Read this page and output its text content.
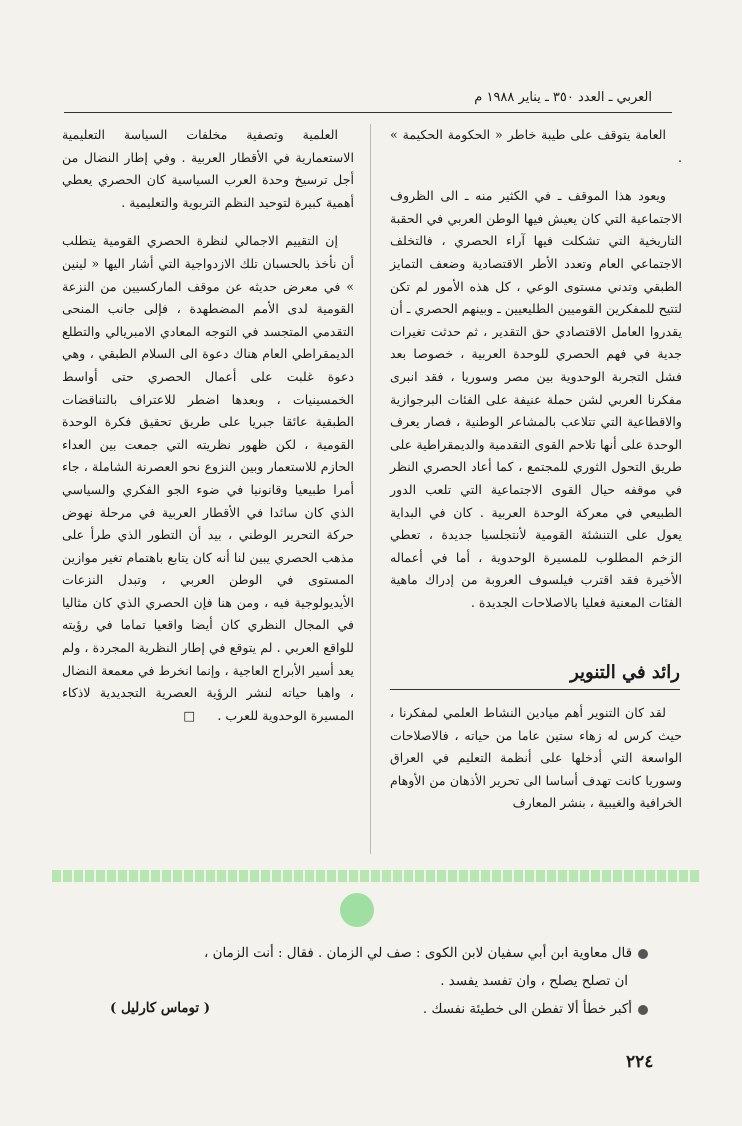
العربي ـ العدد ٣٥٠ ـ يناير ١٩٨٨ م

العامة يتوقف على طيبة خاطر « الحكومة الحكيمة » .

ويعود هذا الموقف ـ في الكثير منه ـ الى الظروف الاجتماعية التي كان يعيش فيها الوطن العربي في الحقبة التاريخية التي تشكلت فيها آراء الحصري ، فالتخلف الاجتماعي العام وتعدد الأطر الاقتصادية وضعف التمايز الطبقي وتدني مستوى الوعي ، كل هذه الأمور لم تكن لتتيح للمفكرين القوميين الطليعيين ـ وبينهم الحصري ـ أن يقدروا العامل الاقتصادي حق التقدير ، ثم حدثت تغيرات جدية في فهم الحصري للوحدة العربية ، خصوصا بعد فشل التجربة الوحدوية بين مصر وسوريا ، فقد انبرى مفكرنا العربي لشن حملة عنيفة على الفئات البرجوازية والاقطاعية التي تتلاعب بالمشاعر الوطنية ، فصار يعرف الوحدة على أنها تلاحم القوى التقدمية والديمقراطية على طريق التحول الثوري للمجتمع ، كما أعاد الحصري النظر في موقفه حيال القوى الاجتماعية التي تلعب الدور الطبيعي في معركة الوحدة العربية . كان في البداية يعول على التنشئة القومية لأنتجلسيا جديدة ، تعطي الزخم المطلوب للمسيرة الوحدوية ، أما في أعماله الأخيرة فقد اقترب فيلسوف العروبة من إدراك ماهية الفئات المعنية فعليا بالاصلاحات الجديدة .

رائد في التنوير

لقد كان التنوير أهم ميادين النشاط العلمي لمفكرنا ، حيث كرس له زهاء ستين عاما من حياته ، فالاصلاحات الواسعة التي أدخلها على أنظمة التعليم في العراق وسوريا كانت تهدف أساسا الى تحرير الأذهان من الأوهام الخرافية والغيبية ، بنشر المعارف

العلمية وتصفية مخلفات السياسة التعليمية الاستعمارية في الأقطار العربية . وفي إطار النضال من أجل ترسيخ وحدة العرب السياسية كان الحصري يعطي أهمية كبيرة لتوحيد النظم التربوية والتعليمية .

إن التقييم الاجمالي لنظرة الحصري القومية يتطلب أن نأخذ بالحسبان تلك الازدواجية التي أشار اليها « لينين » في معرض حديثه عن موقف الماركسيين من النزعة القومية لدى الأمم المضطهدة ، فإلى جانب المنحى التقدمي المتجسد في التوجه المعادي الامبريالي والتطلع الديمقراطي العام هناك دعوة الى السلام الطبقي ، وهي دعوة غلبت على أعمال الحصري حتى أواسط الخمسينيات ، وبعدها اضطر للاعتراف بالتناقضات الطبقية عائقا جبريا على طريق تحقيق فكرة الوحدة القومية ، لكن ظهور نظريته التي جمعت بين العداء الحازم للاستعمار وبين النزوع نحو العصرنة الشاملة ، جاء أمرا طبيعيا وقانونيا في ضوء الجو الفكري والسياسي الذي كان سائدا في الأقطار العربية في مرحلة نهوض حركة التحرير الوطني ، بيد أن التطور الذي طرأ على مذهب الحصري يبين لنا أنه كان يتابع باهتمام تغير موازين المستوى في الوطن العربي ، وتبدل النزعات الأيديولوجية فيه ، ومن هنا فإن الحصري الذي كان مثاليا في المجال النظري كان أيضا واقعيا تماما في رؤيته للواقع العربي . لم يتوقع في إطار النظرية المجردة ، ولم يعد أسير الأبراج العاجية ، وإنما انخرط في معمعة النضال ، واهبا حياته لنشر الرؤية العصرية التجديدية لاذكاء المسيرة الوحدوية للعرب .□

قال معاوية ابن أبي سفيان لابن الكوى : صف لي الزمان . فقال : أنت الزمان ،
ان تصلح يصلح ، وان تفسد يفسد .
أكبر خطأ ألا تفطن الى خطيئة نفسك .
( توماس كارليل )
٢٢٤
